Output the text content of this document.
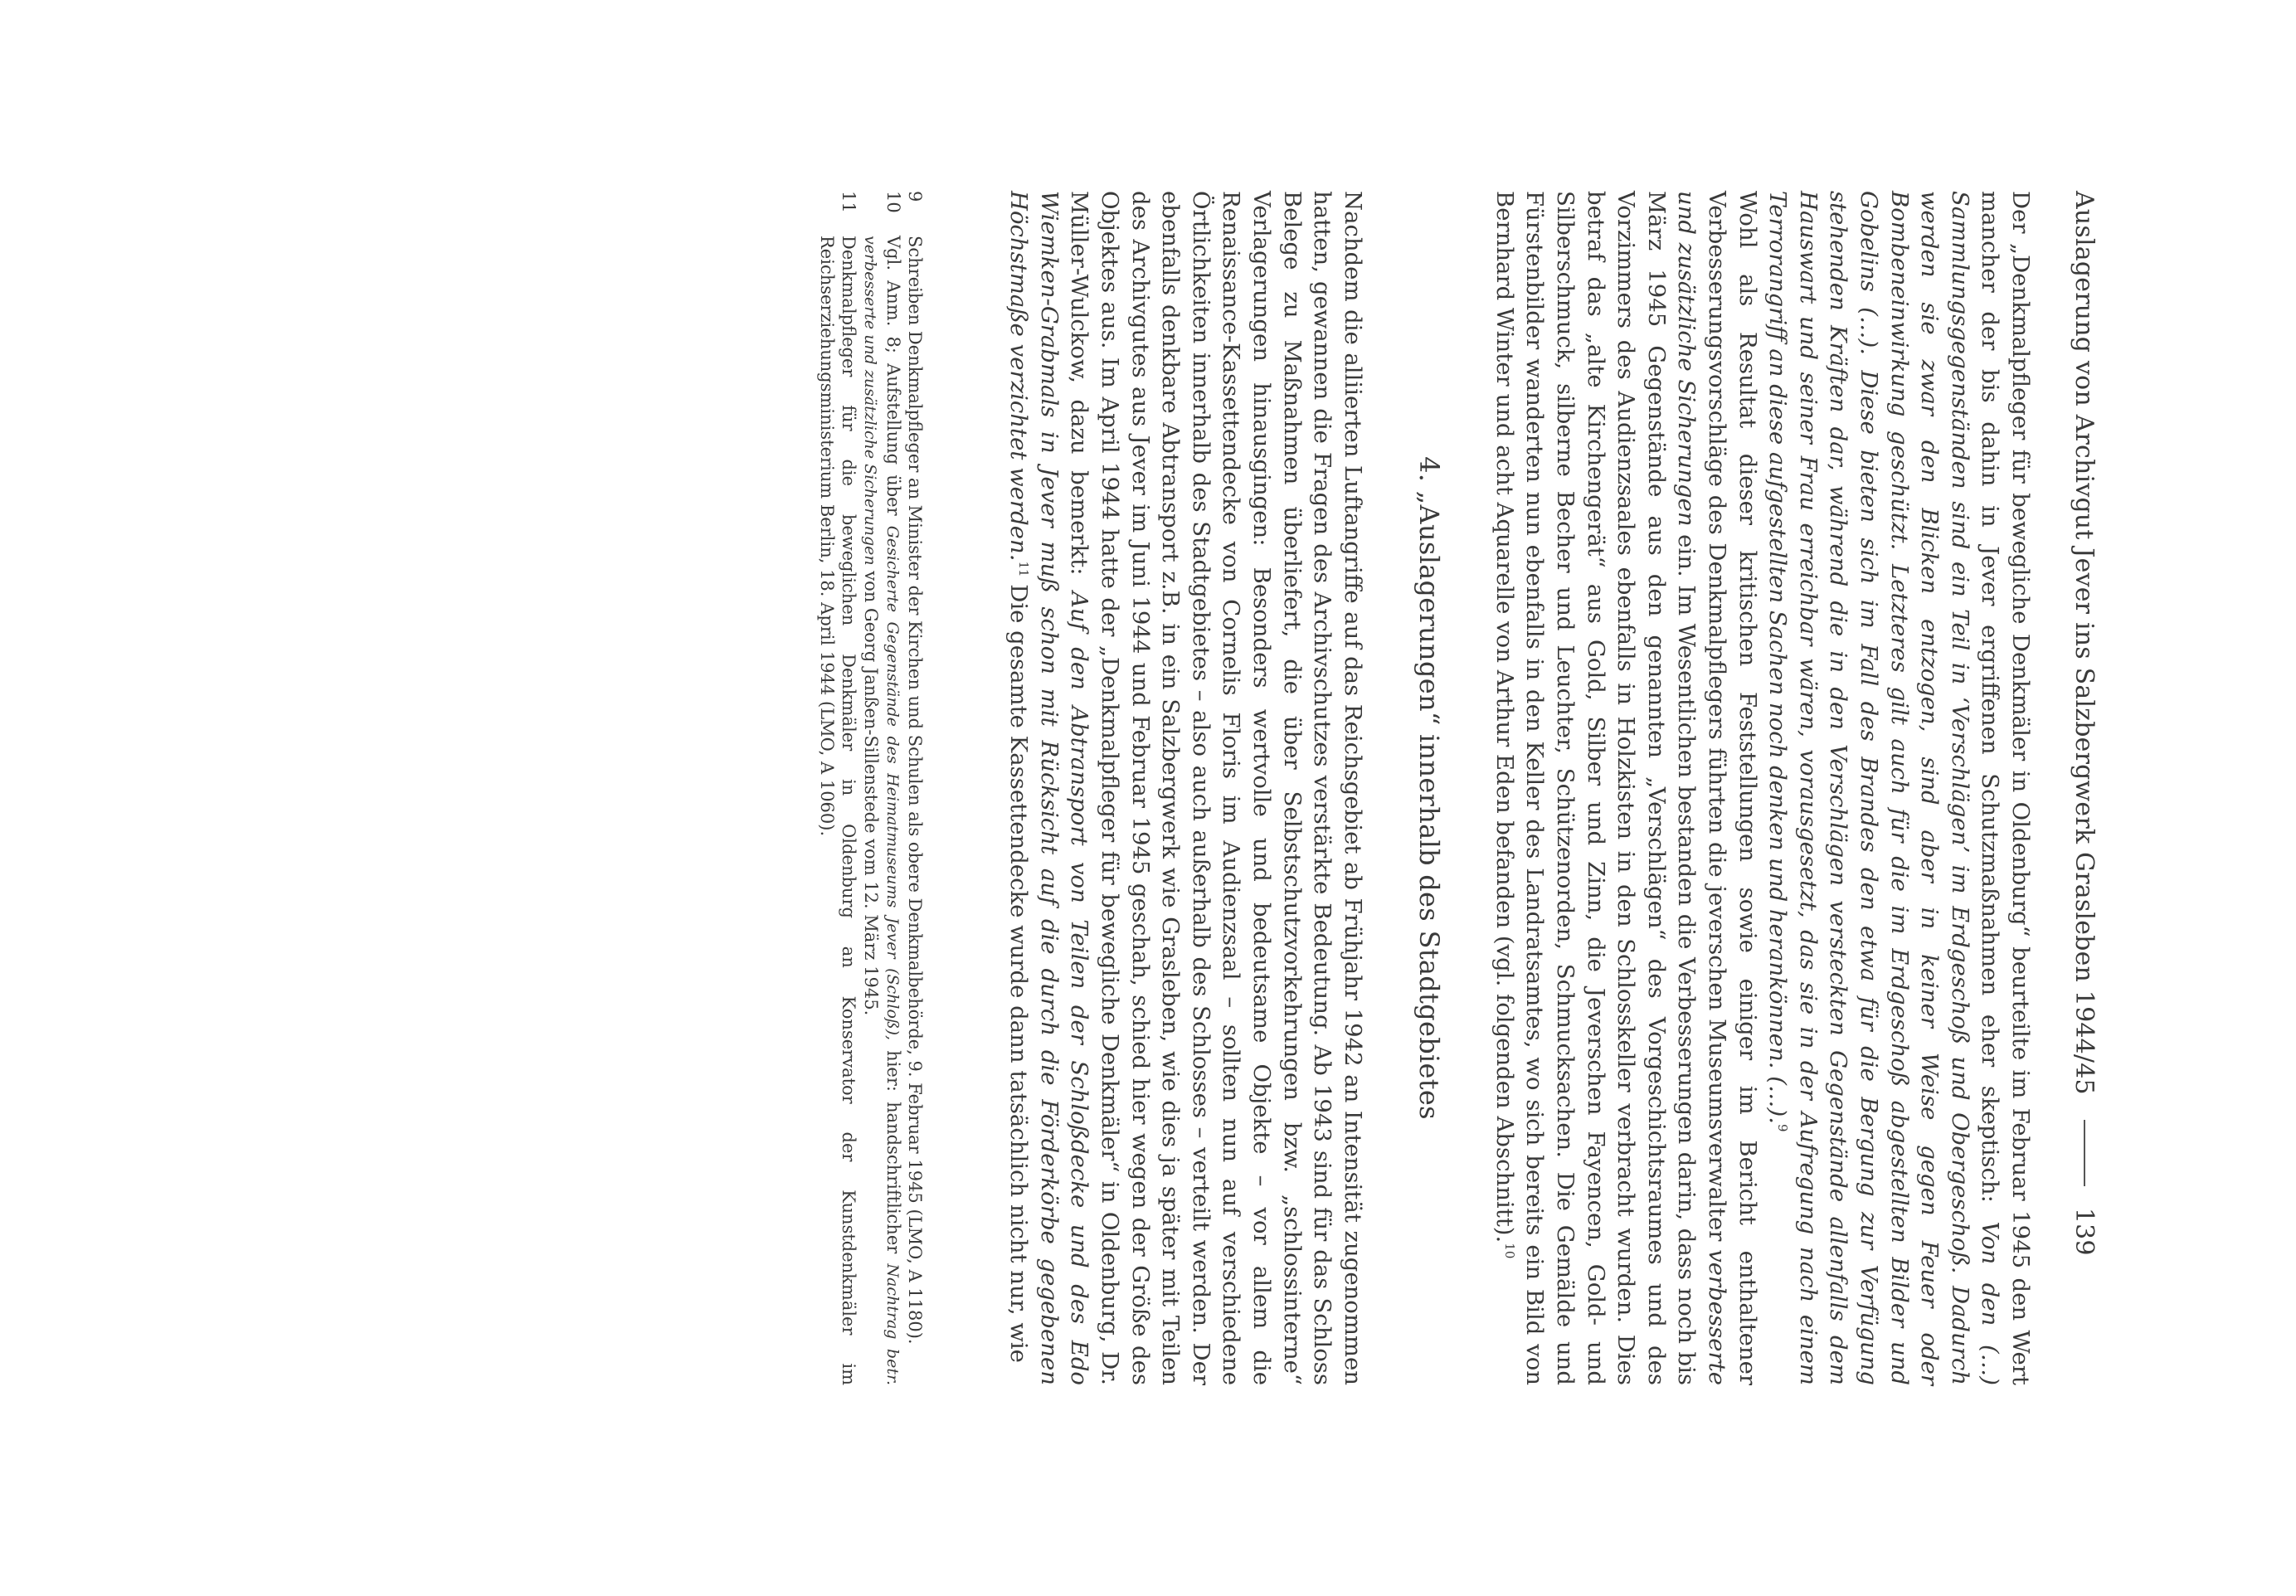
Auslagerung von Archivgut Jever ins Salzbergwerk Grasleben 1944/45
139

Der „Denkmalpfleger für bewegliche Denkmäler in Oldenburg“ beurteilte im Februar 1945 den Wert mancher der bis dahin in Jever ergriffenen Schutzmaßnahmen eher skeptisch: Von den (…) Sammlungsgegenständen sind ein Teil in ‘Verschlägen’ im Erdgeschoß und Obergeschoß. Dadurch werden sie zwar den Blicken entzogen, sind aber in keiner Weise gegen Feuer oder Bombeneinwirkung geschützt. Letzteres gilt auch für die im Erdgeschoß abgestellten Bilder und Gobelins (…). Diese bieten sich im Fall des Brandes den etwa für die Bergung zur Verfügung stehenden Kräften dar, während die in den Verschlägen versteckten Gegenstände allenfalls dem Hauswart und seiner Frau erreichbar wären, vorausgesetzt, das sie in der Aufregung nach einem Terrorangriff an diese aufgestellten Sachen noch denken und herankönnen. (…).$^9$

Wohl als Resultat dieser kritischen Feststellungen sowie einiger im Bericht enthaltener Verbesserungsvorschläge des Denkmalpflegers führten die jeverschen Museumsverwalter verbesserte und zusätzliche Sicherungen ein. Im Wesentlichen bestanden die Verbesserungen darin, dass noch bis März 1945 Gegenstände aus den genannten „Verschlägen“ des Vorgeschichtsraumes und des Vorzimmers des Audienzsaales ebenfalls in Holzkisten in den Schlosskeller verbracht wurden. Dies betraf das „alte Kirchengerät“ aus Gold, Silber und Zinn, die Jeverschen Fayencen, Gold- und Silberschmuck, silberne Becher und Leuchter, Schützenorden, Schmucksachen. Die Gemälde und Fürstenbilder wanderten nun ebenfalls in den Keller des Landratsamtes, wo sich bereits ein Bild von Bernhard Winter und acht Aquarelle von Arthur Eden befanden (vgl. folgenden Abschnitt).$^{10}$

4. „Auslagerungen“ innerhalb des Stadtgebietes

Nachdem die alliierten Luftangriffe auf das Reichsgebiet ab Frühjahr 1942 an Intensität zugenommen hatten, gewannen die Fragen des Archivschutzes verstärkte Bedeutung. Ab 1943 sind für das Schloss Belege zu Maßnahmen überliefert, die über Selbstschutzvorkehrungen bzw. „schlossinterne“ Verlagerungen hinausgingen: Besonders wertvolle und bedeutsame Objekte – vor allem die Renaissance-Kassettendecke von Cornelis Floris im Audienzsaal – sollten nun auf verschiedene Örtlichkeiten innerhalb des Stadtgebietes – also auch außerhalb des Schlosses – verteilt werden. Der ebenfalls denkbare Abtransport z.B. in ein Salzbergwerk wie Grasleben, wie dies ja später mit Teilen des Archivgutes aus Jever im Juni 1944 und Februar 1945 geschah, schied hier wegen der Größe des Objektes aus. Im April 1944 hatte der „Denkmalpfleger für bewegliche Denkmäler“ in Oldenburg, Dr. Müller-Wulckow, dazu bemerkt: Auf den Abtransport von Teilen der Schloßdecke und des Edo Wiemken-Grabmals in Jever muß schon mit Rücksicht auf die durch die Förderkörbe gegebenen Höchstmaße verzichtet werden.$^{11}$ Die gesamte Kassettendecke wurde dann tatsächlich nicht nur, wie

9
Schreiben Denkmalpfleger an Minister der Kirchen und Schulen als obere Denkmalbehörde, 9. Februar 1945 (LMO, A 1180).
10
Vgl. Anm. 8; Aufstellung über Gesicherte Gegenstände des Heimatmuseums Jever (Schloß), hier: handschriftlicher Nachtrag betr. verbesserte und zusätzliche Sicherungen von Georg Janßen-Sillenstede vom 12. März 1945.
11
Denkmalpfleger für die beweglichen Denkmäler in Oldenburg an Konservator der Kunstdenkmäler im Reichserziehungsministerium Berlin, 18. April 1944 (LMO, A 1060).
